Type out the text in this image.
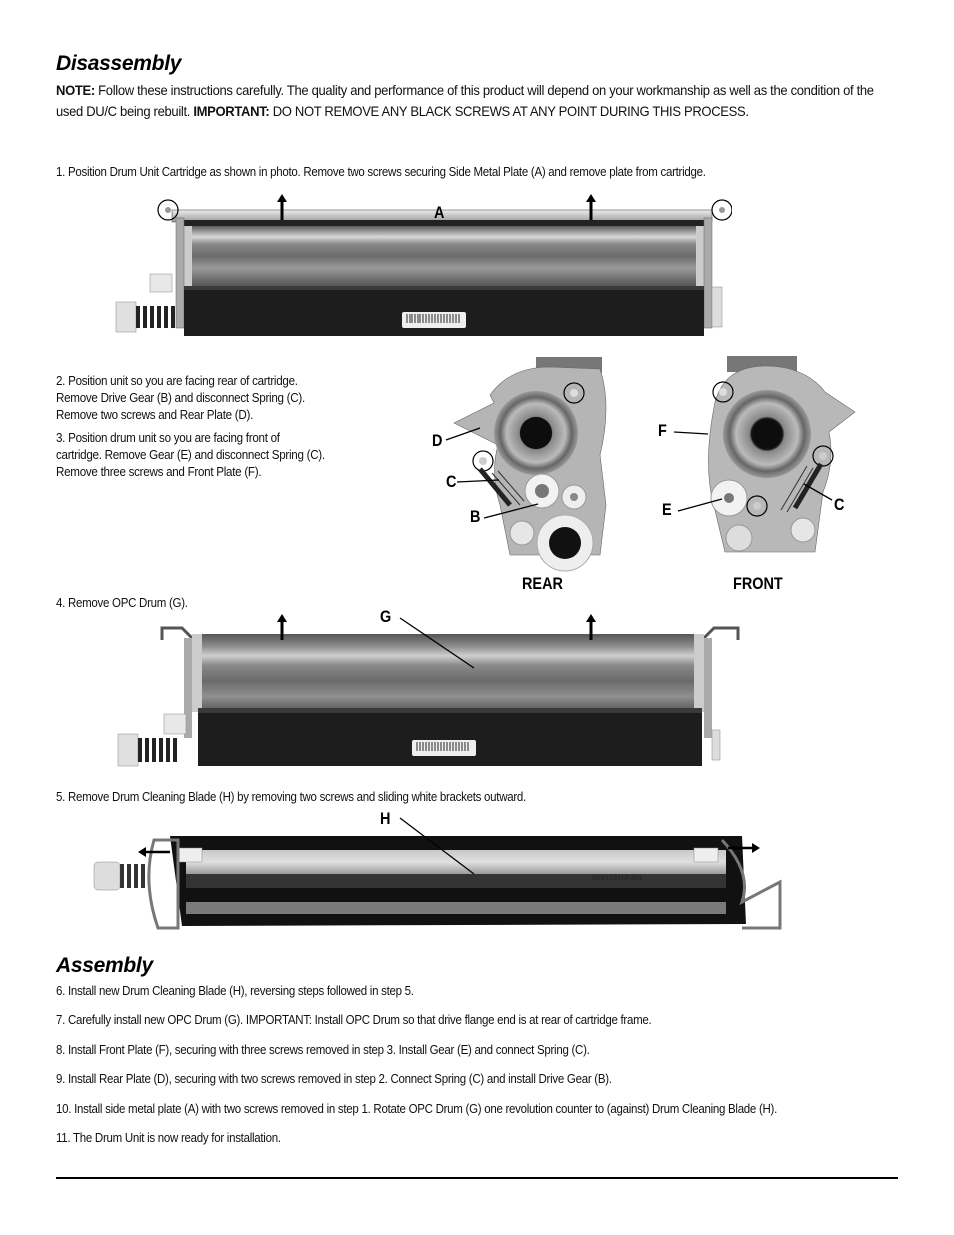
Disassembly
NOTE: Follow these instructions carefully. The quality and performance of this product will depend on your workmanship as well as the condition of the used DU/C being rebuilt. IMPORTANT: DO NOT REMOVE ANY BLACK SCREWS AT ANY POINT DURING THIS PROCESS.
1. Position Drum Unit Cartridge as shown in photo. Remove two screws securing Side Metal Plate (A) and remove plate from cartridge.
A
2. Position unit so you are facing rear of cartridge.
Remove Drive Gear (B) and disconnect Spring (C).
Remove two screws and Rear Plate (D).
3. Position drum unit so you are facing front of
cartridge. Remove Gear (E) and disconnect Spring (C).
Remove three screws and Front Plate (F).
D
C
B
REAR
F
E	C
FRONT
4. Remove OPC Drum (G).
G
5. Remove Drum Cleaning Blade (H) by removing two screws and sliding white brackets outward.
01011016F301
H
Assembly
6. Install new Drum Cleaning Blade (H), reversing steps followed in step 5.
7. Carefully install new OPC Drum (G). IMPORTANT: Install OPC Drum so that drive flange end is at rear of cartridge frame.
8. Install Front Plate (F), securing with three screws removed in step 3. Install Gear (E) and connect Spring (C).
9. Install Rear Plate (D), securing with two screws removed in step 2. Connect Spring (C) and install Drive Gear (B).
10. Install side metal plate (A) with two screws removed in step 1. Rotate OPC Drum (G) one revolution counter to (against) Drum Cleaning Blade (H).
11. The Drum Unit is now ready for installation.
